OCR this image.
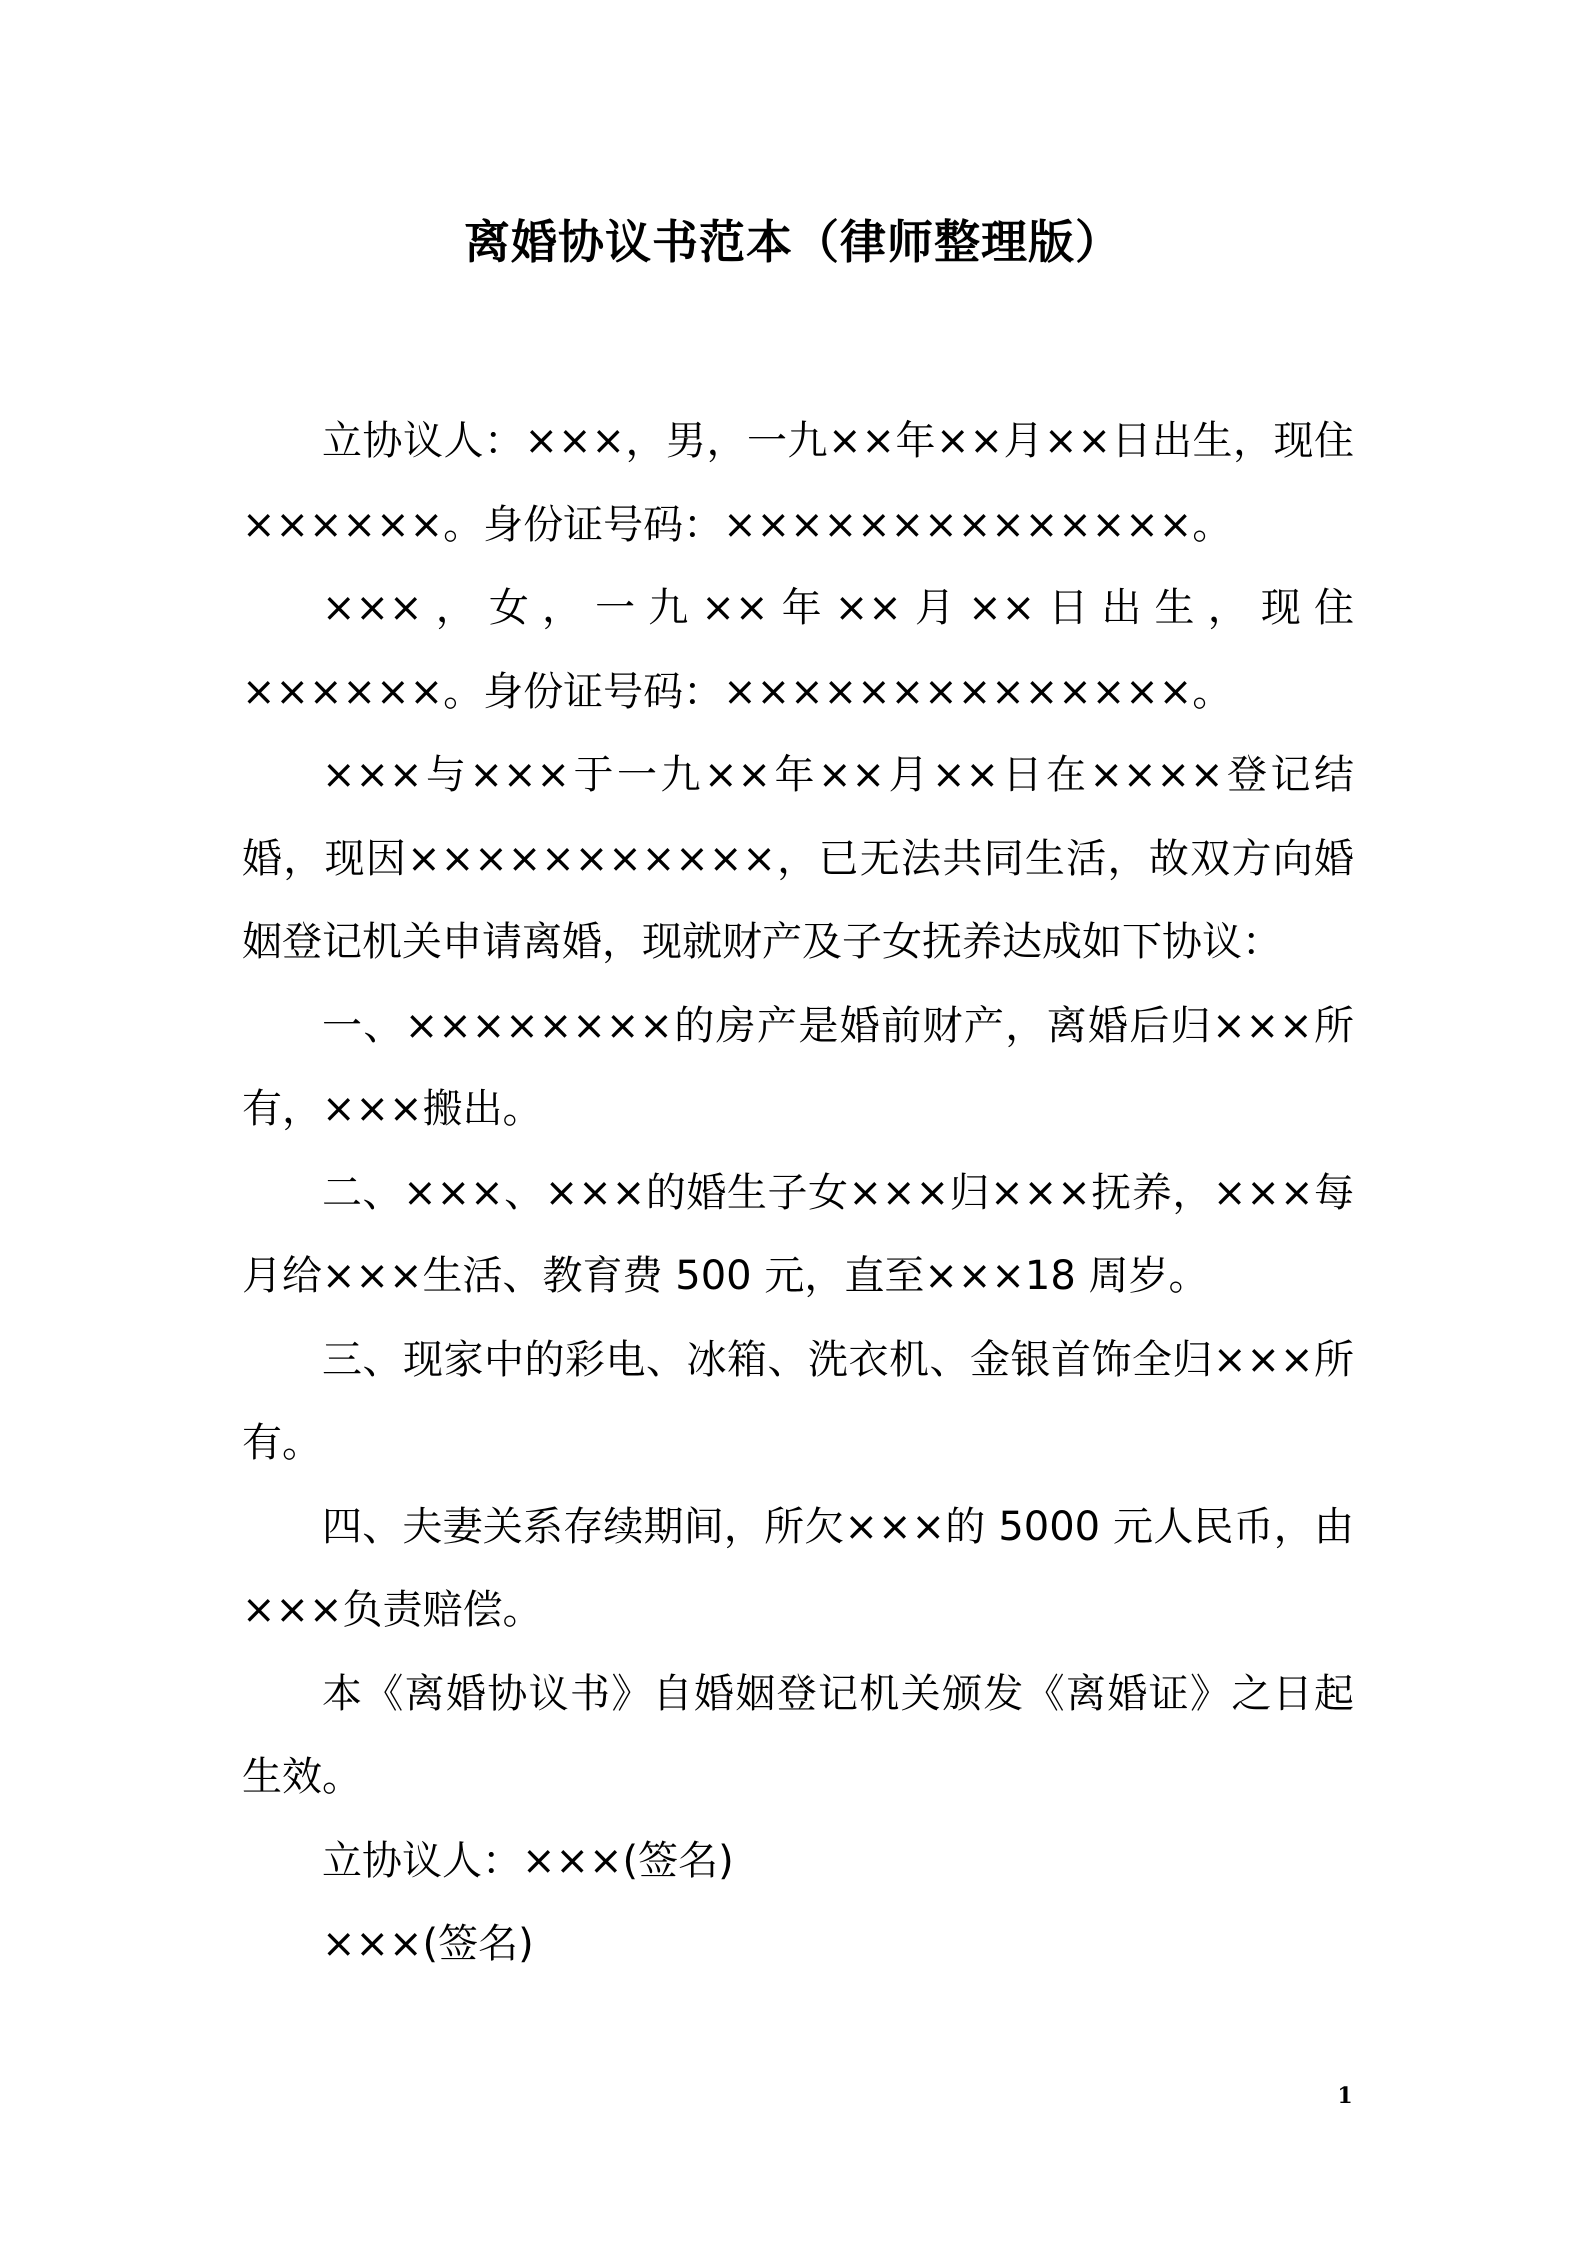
离婚协议书范本（律师整理版）

立协议人：×××，男，一九××年××月××日出生，现住××××××。身份证号码：××××××××××××××。

×××，女，一九××年××月××日出生，现住××××××。身份证号码：××××××××××××××。

×××与×××于一九××年××月××日在××××登记结婚，现因×××××××××××，已无法共同生活，故双方向婚姻登记机关申请离婚，现就财产及子女抚养达成如下协议：

一、××××××××的房产是婚前财产，离婚后归×××所有，×××搬出。

二、×××、×××的婚生子女×××归×××抚养，×××每月给×××生活、教育费 500 元，直至×××18 周岁。

三、现家中的彩电、冰箱、洗衣机、金银首饰全归×××所有。

四、夫妻关系存续期间，所欠×××的 5000 元人民币，由×××负责赔偿。

本《离婚协议书》自婚姻登记机关颁发《离婚证》之日起生效。

立协议人：×××(签名)

×××(签名)

1
